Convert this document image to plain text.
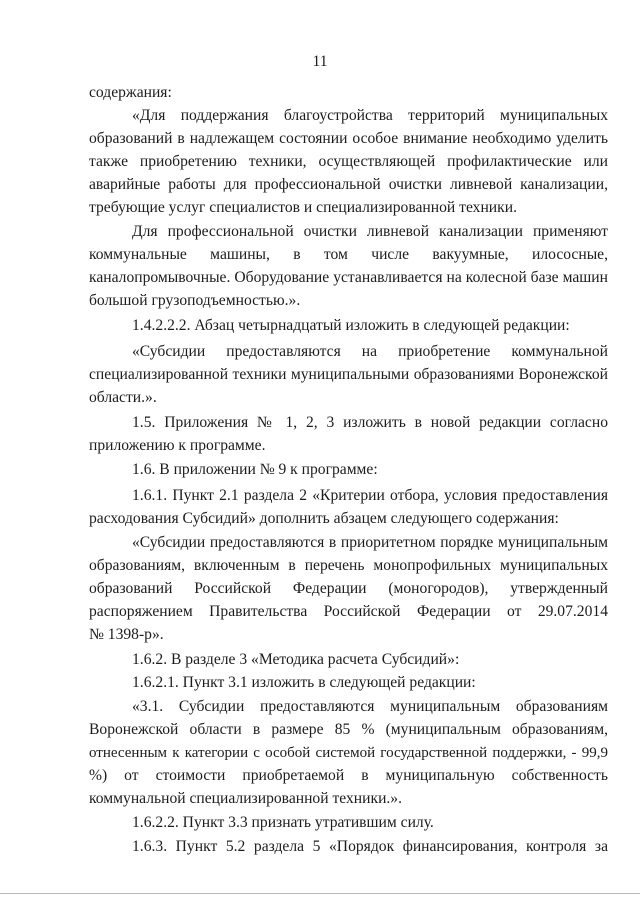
11
содержания:
«Для поддержания благоустройства территорий муниципальных
образований в надлежащем состоянии особое внимание необходимо уделить
также приобретению техники, осуществляющей профилактические или
аварийные работы для профессиональной очистки ливневой канализации,
требующие услуг специалистов и специализированной техники.
Для профессиональной очистки ливневой канализации применяют
коммунальные машины, в том числе вакуумные, илососные,
каналопромывочные. Оборудование устанавливается на колесной базе машин
большой грузоподъемностью.».
1.4.2.2.2. Абзац четырнадцатый изложить в следующей редакции:
«Субсидии предоставляются на приобретение коммунальной
специализированной техники муниципальными образованиями Воронежской
области.».
1.5. Приложения № 1, 2, 3 изложить в новой редакции согласно
приложению к программе.
1.6. В приложении № 9 к программе:
1.6.1. Пункт 2.1 раздела 2 «Критерии отбора, условия предоставления
расходования Субсидий» дополнить абзацем следующего содержания:
«Субсидии предоставляются в приоритетном порядке муниципальным
образованиям, включенным в перечень монопрофильных муниципальных
образований Российской Федерации (моногородов), утвержденный
распоряжением Правительства Российской Федерации от 29.07.2014
№ 1398-р».
1.6.2. В разделе 3 «Методика расчета Субсидий»:
1.6.2.1. Пункт 3.1 изложить в следующей редакции:
«3.1. Субсидии предоставляются муниципальным образованиям
Воронежской области в размере 85 % (муниципальным образованиям,
отнесенным к категории с особой системой государственной поддержки, - 99,9
%) от стоимости приобретаемой в муниципальную собственность
коммунальной специализированной техники.».
1.6.2.2. Пункт 3.3 признать утратившим силу.
1.6.3. Пункт 5.2 раздела 5 «Порядок финансирования, контроля за
